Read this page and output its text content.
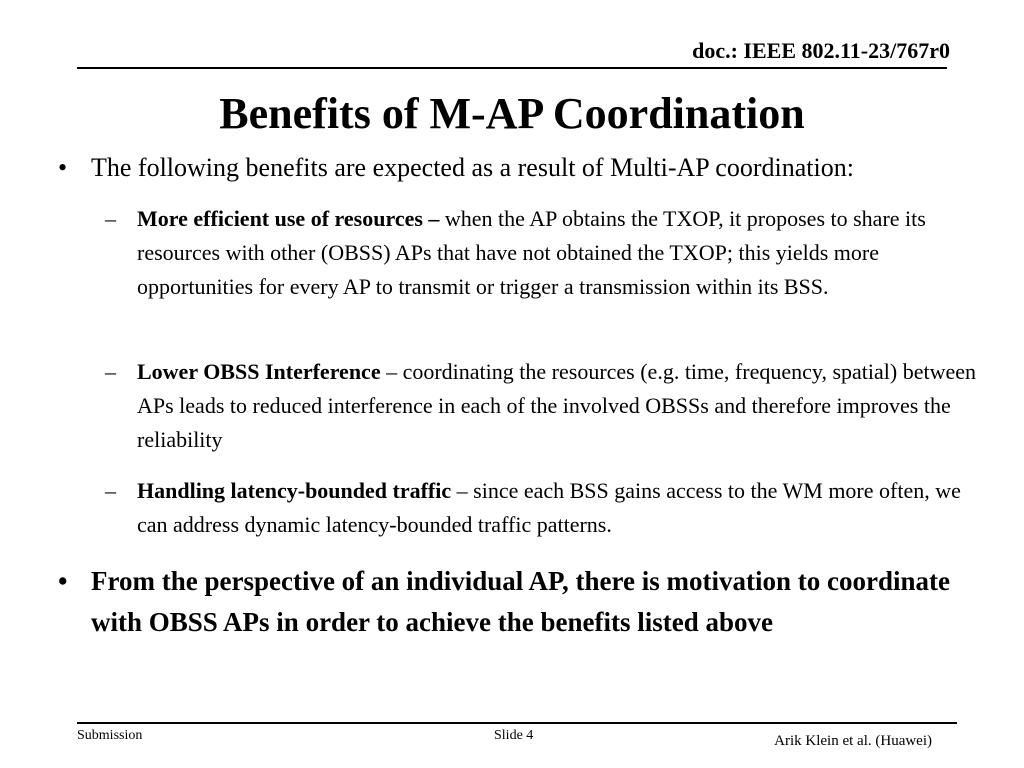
doc.: IEEE 802.11-23/767r0
Benefits of M-AP Coordination
• The following benefits are expected as a result of Multi-AP coordination:
– More efficient use of resources – when the AP obtains the TXOP, it proposes to share its resources with other (OBSS) APs that have not obtained the TXOP; this yields more opportunities for every AP to transmit or trigger a transmission within its BSS.
– Lower OBSS Interference – coordinating the resources (e.g. time, frequency, spatial) between APs leads to reduced interference in each of the involved OBSSs and therefore improves the reliability
– Handling latency-bounded traffic – since each BSS gains access to the WM more often, we can address dynamic latency-bounded traffic patterns.
• From the perspective of an individual AP, there is motivation to coordinate with OBSS APs in order to achieve the benefits listed above
Submission	Slide 4	Arik Klein et al. (Huawei)
